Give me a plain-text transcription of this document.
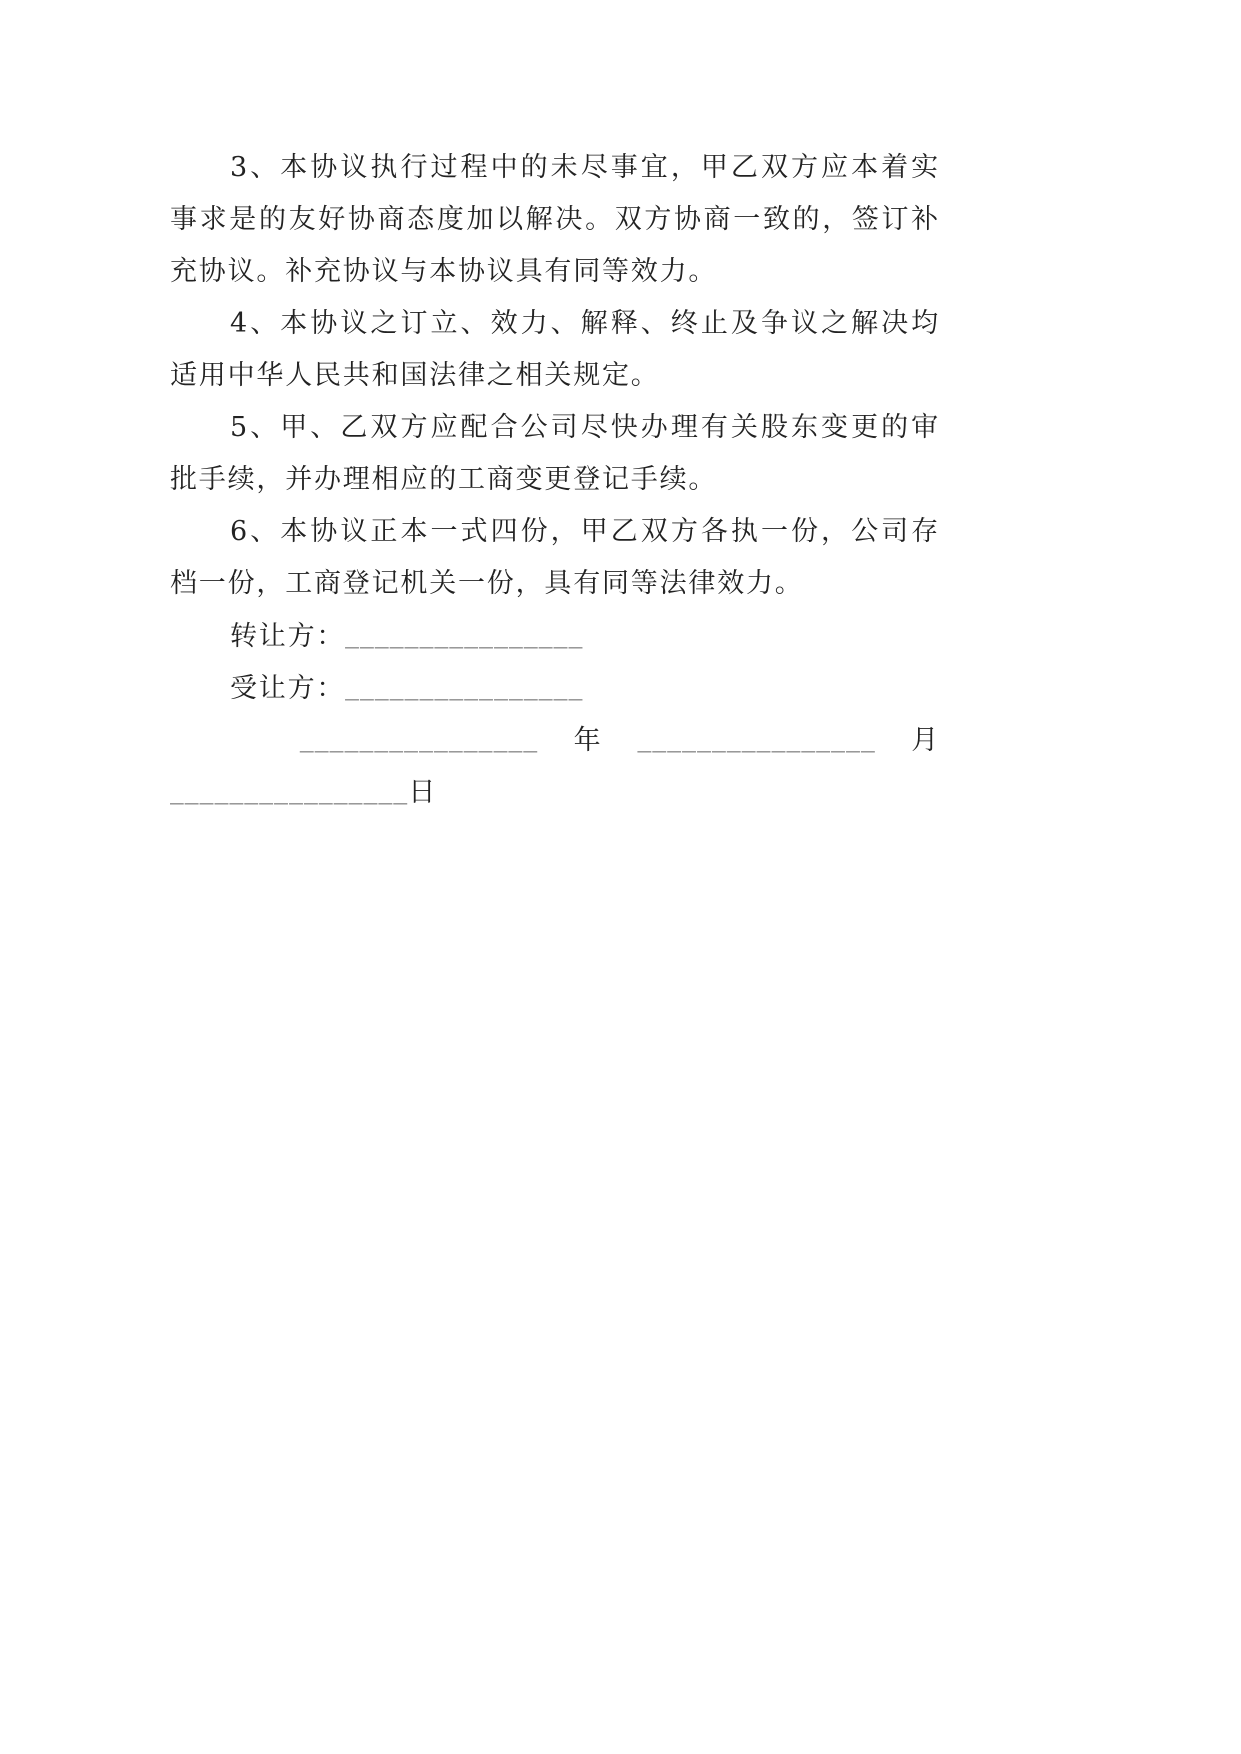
3、本协议执行过程中的未尽事宜，甲乙双方应本着实
事求是的友好协商态度加以解决。双方协商一致的，签订补
充协议。补充协议与本协议具有同等效力。
4、本协议之订立、效力、解释、终止及争议之解决均
适用中华人民共和国法律之相关规定。
5、甲、乙双方应配合公司尽快办理有关股东变更的审
批手续，并办理相应的工商变更登记手续。
6、本协议正本一式四份，甲乙双方各执一份，公司存
档一份，工商登记机关一份，具有同等法律效力。
转让方：________________
受让方：________________
________________ 年 ________________ 月
________________日
